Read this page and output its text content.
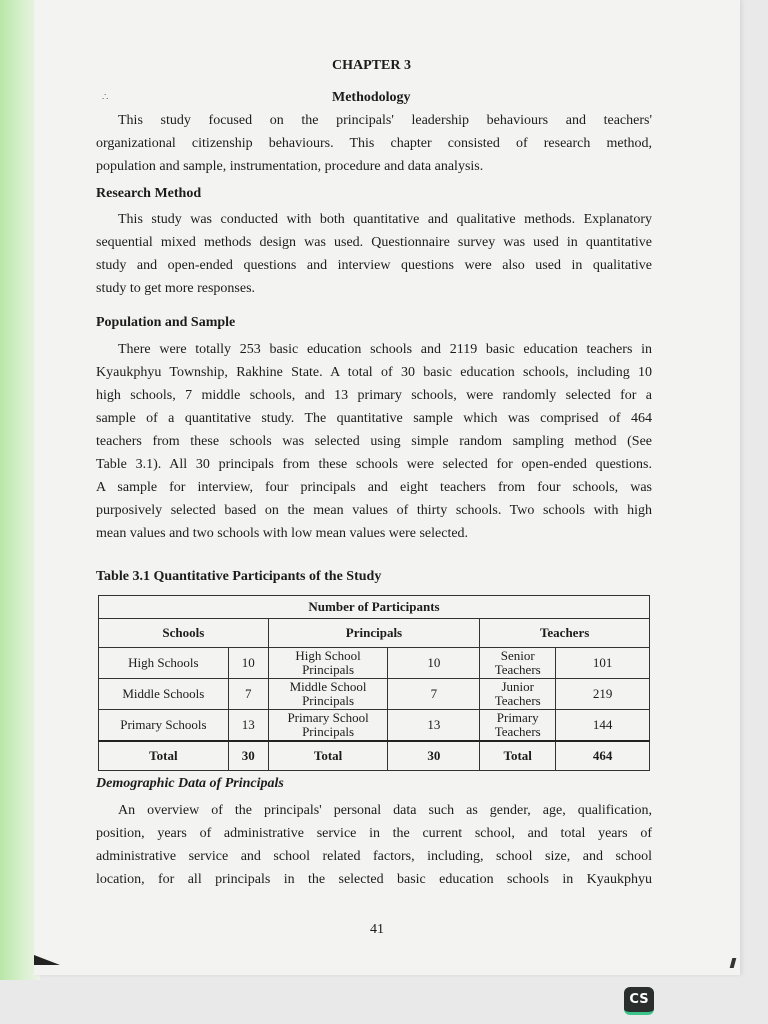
CHAPTER 3
∴	Methodology
This study focused on the principals' leadership behaviours and teachers'
organizational citizenship behaviours. This chapter consisted of research method,
population and sample, instrumentation, procedure and data analysis.
Research Method
This study was conducted with both quantitative and qualitative methods. Explanatory
sequential mixed methods design was used. Questionnaire survey was used in quantitative
study and open-ended questions and interview questions were also used in qualitative
study to get more responses.
Population and Sample
There were totally 253 basic education schools and 2119 basic education teachers in
Kyaukphyu Township, Rakhine State. A total of 30 basic education schools, including 10
high schools, 7 middle schools, and 13 primary schools, were randomly selected for a
sample of a quantitative study. The quantitative sample which was comprised of 464
teachers from these schools was selected using simple random sampling method (See
Table 3.1). All 30 principals from these schools were selected for open-ended questions.
A sample for interview, four principals and eight teachers from four schools, was
purposively selected based on the mean values of thirty schools. Two schools with high
mean values and two schools with low mean values were selected.
Table 3.1 Quantitative Participants of the Study
Demographic Data of Principals
An overview of the principals' personal data such as gender, age, qualification,
position, years of administrative service in the current school, and total years of
administrative service and school related factors, including, school size, and school
location, for all principals in the selected basic education schools in Kyaukphyu
Number of Participants					
Schools		Principals		Teachers	
High Schools	10	High School Principals	10	Senior Teachers	101
Middle Schools	7	Middle School Principals	7	Junior Teachers	219
Primary Schools	13	Primary School Principals	13	Primary Teachers	144
Total	30	Total	30	Total	464
41
CS
